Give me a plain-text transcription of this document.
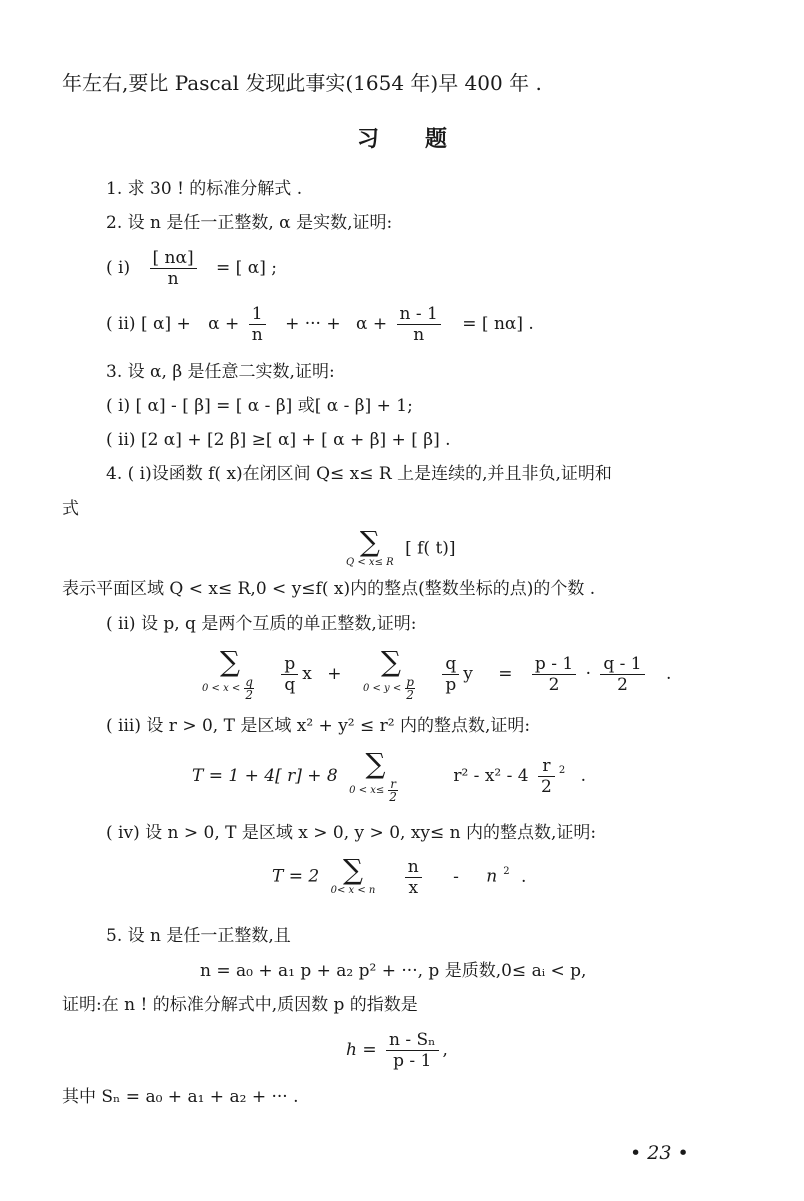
年左右,要比 Pascal 发现此事实(1654 年)早 400 年 .
习 题
1. 求 30 ! 的标准分解式 .
2. 设 n 是任一正整数, α 是实数,证明:
( $i) \frac{[ n\alpha]}{n}$ = [ α] ;
( ii) [ $\alpha] + \alpha + \frac{1}{n}$ + ··· + $\alpha + \frac{n - 1}{n}$ = [ nα] .
3. 设 α, β 是任意二实数,证明:
( i) [ α] - [ β] = [ α - β] 或[ α - β] + 1;
( ii) [2 α] + [2 β] ≥[ α] + [ α + β] + [ β] .
4. ( i)设函数 f( x)在闭区间 Q≤ x≤ R 上是连续的,并且非负,证明和
式
∑
Q < x≤ R
[ f( t)]
表示平面区域 Q < x≤ R,0 < y≤f( x)内的整点(整数坐标的点)的个数 .
( ii) 设 p, q 是两个互质的单正整数,证明:
∑
$0 < x < \frac{q}{2}$
$\frac{p}{q}$ x +	∑
$0 < y < \frac{p}{2}$
$\frac{q}{p}$ $y = \frac{p - 1}{2} \cdot \frac{q - 1}{2}$ .
( iii) 设 r > 0, T 是区域 x² + y² ≤ r² 内的整点数,证明:
T = 1 + 4[ r] + 8 ∑
$0 < x\le \frac{r}{2}$
$r^2 - x^2 - 4 \frac{r}{2} ^2$ .
( iv) 设 n > 0, T 是区域 x > 0, y > 0, xy≤ n 内的整点数,证明:
T = 2 ∑
0< x < n
$\frac{n}{x}$ - n $^2$ .
5. 设 n 是任一正整数,且
n = a₀ + a₁ p + a₂ p² + ···, p 是质数,0≤ aᵢ < p,
证明:在 n ! 的标准分解式中,质因数 p 的指数是
$h = \frac{\text{n - Sₙ}}{p - 1}$ ,
其中 Sₙ = a₀ + a₁ + a₂ + ··· .
• 23 •
